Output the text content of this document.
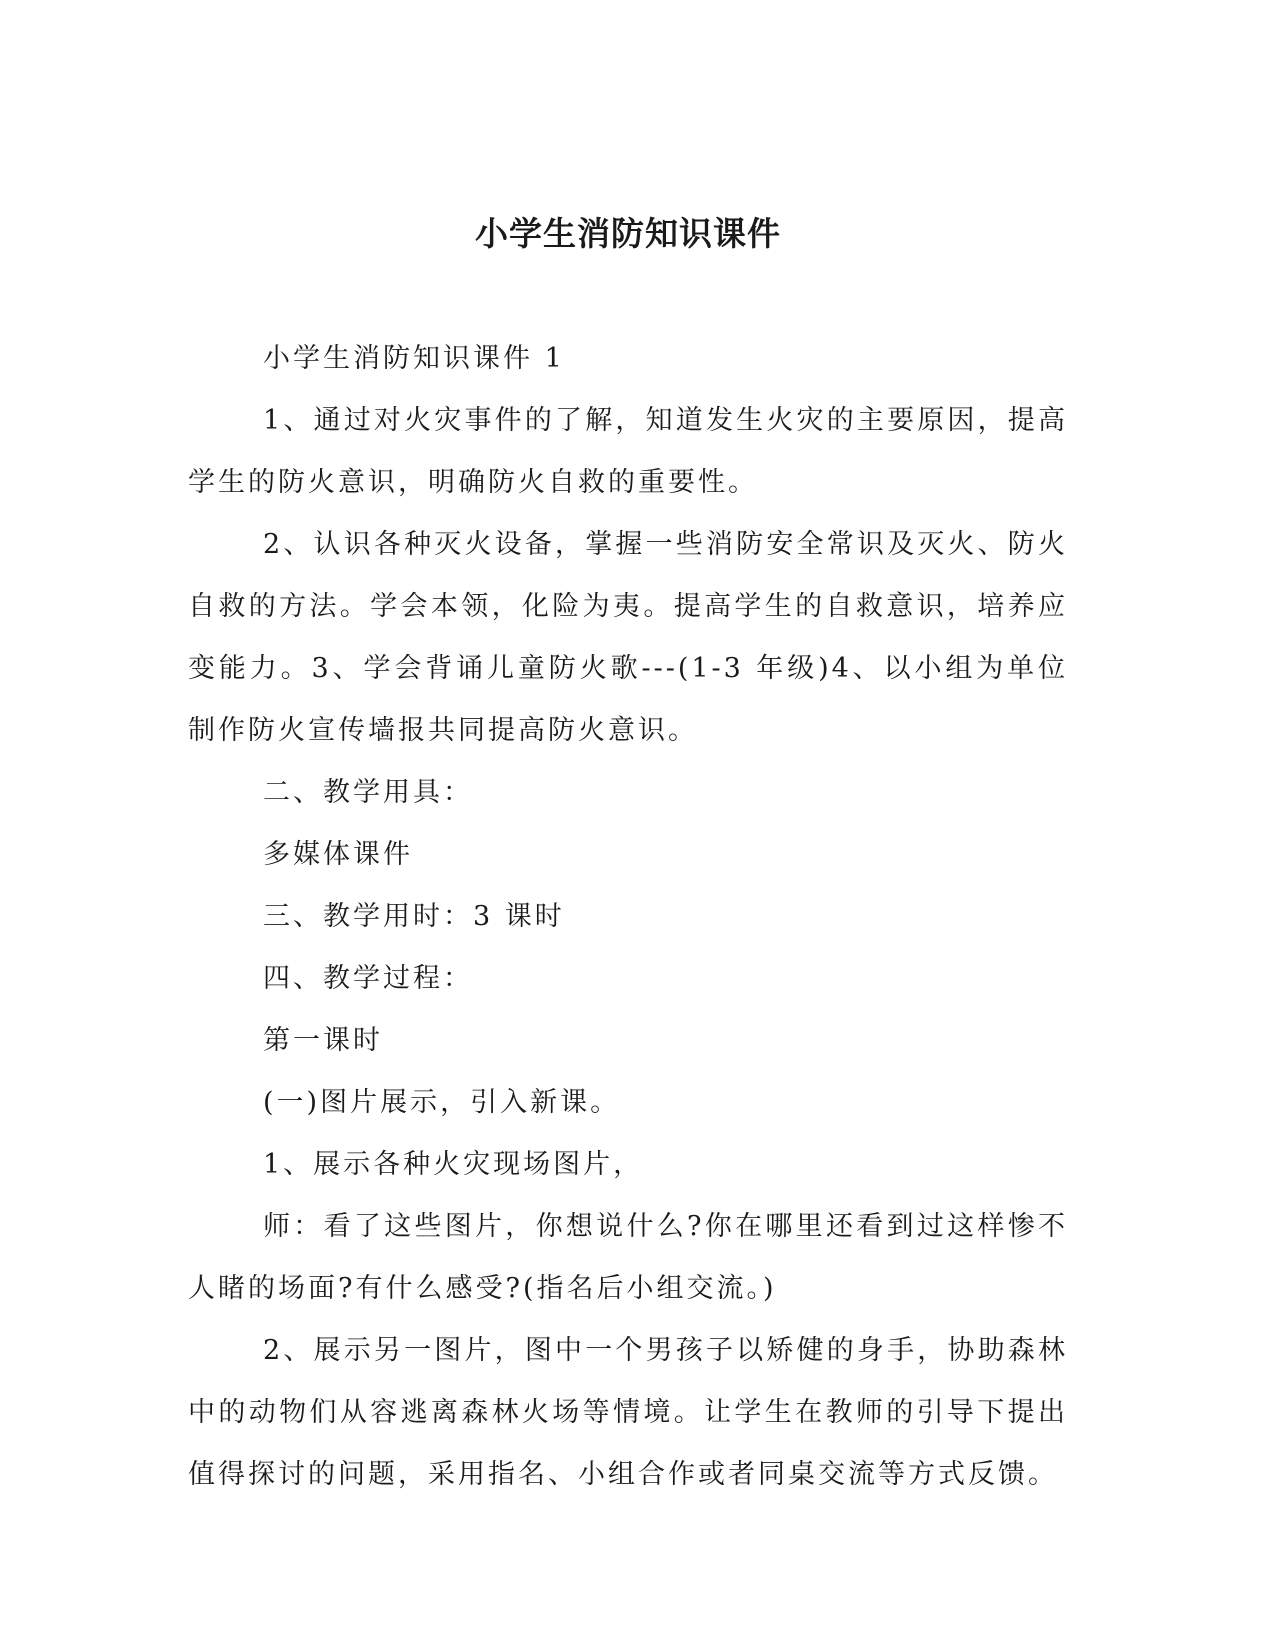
小学生消防知识课件

小学生消防知识课件 1

1、通过对火灾事件的了解，知道发生火灾的主要原因，提高学生的防火意识，明确防火自救的重要性。

2、认识各种灭火设备，掌握一些消防安全常识及灭火、防火自救的方法。学会本领，化险为夷。提高学生的自救意识，培养应变能力。3、学会背诵儿童防火歌---(1-3 年级)4、以小组为单位制作防火宣传墙报共同提高防火意识。

二、教学用具：

多媒体课件

三、教学用时：3 课时

四、教学过程：

第一课时

(一)图片展示，引入新课。

1、展示各种火灾现场图片，

师：看了这些图片，你想说什么?你在哪里还看到过这样惨不人睹的场面?有什么感受?(指名后小组交流。)

2、展示另一图片，图中一个男孩子以矫健的身手，协助森林中的动物们从容逃离森林火场等情境。让学生在教师的引导下提出值得探讨的问题，采用指名、小组合作或者同桌交流等方式反馈。
